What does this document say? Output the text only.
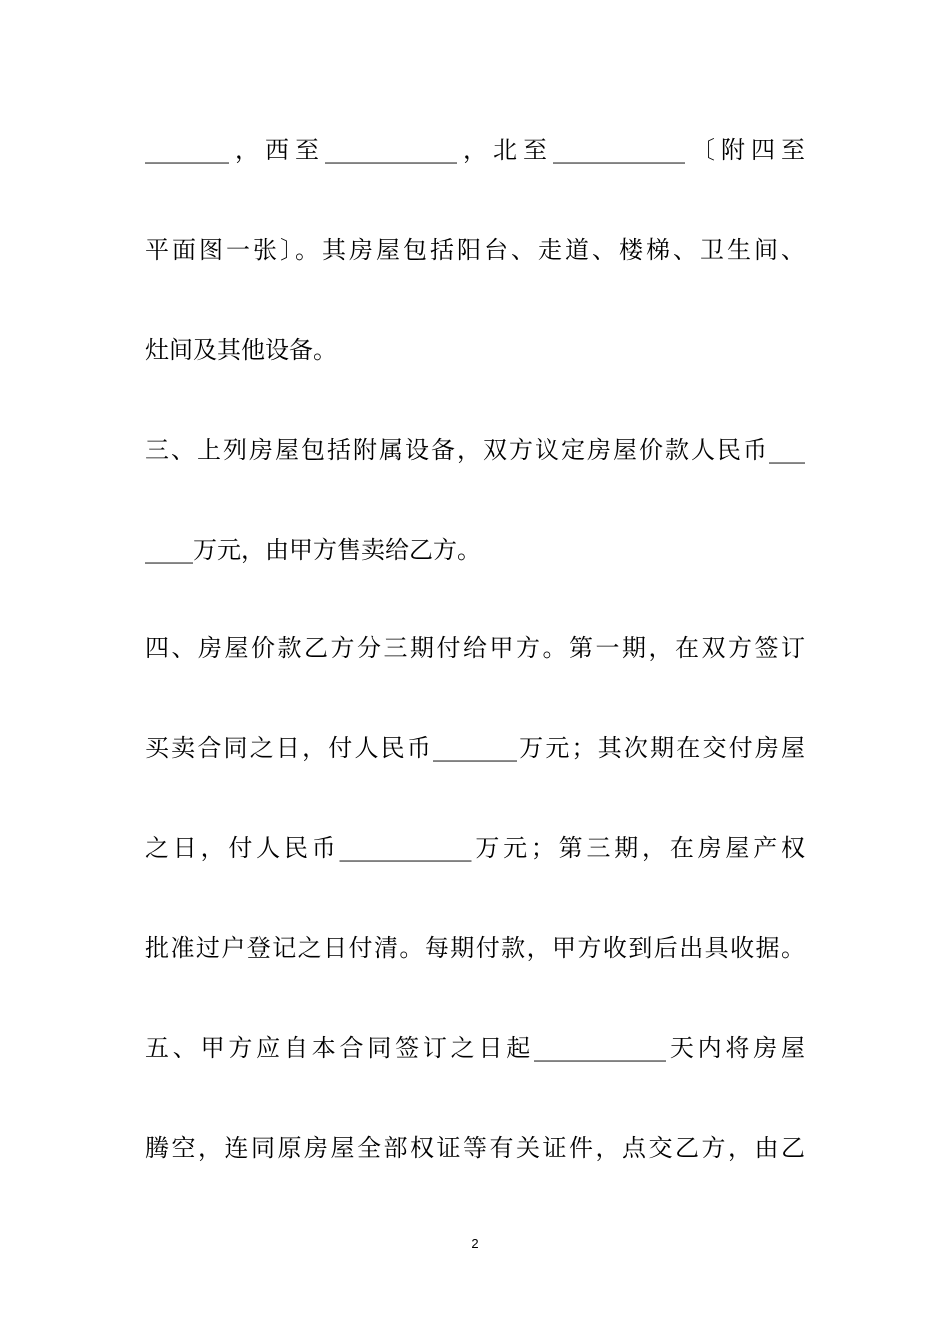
_______，西至___________，北至___________〔附四至
平面图一张〕。其房屋包括阳台、走道、楼梯、卫生间、
灶间及其他设备。
三、上列房屋包括附属设备，双方议定房屋价款人民币___
____万元，由甲方售卖给乙方。
四、房屋价款乙方分三期付给甲方。第一期，在双方签订
买卖合同之日，付人民币_______万元；其次期在交付房屋
之日，付人民币___________万元；第三期，在房屋产权
批准过户登记之日付清。每期付款，甲方收到后出具收据。
五、甲方应自本合同签订之日起___________天内将房屋
腾空，连同原房屋全部权证等有关证件，点交乙方，由乙
2
